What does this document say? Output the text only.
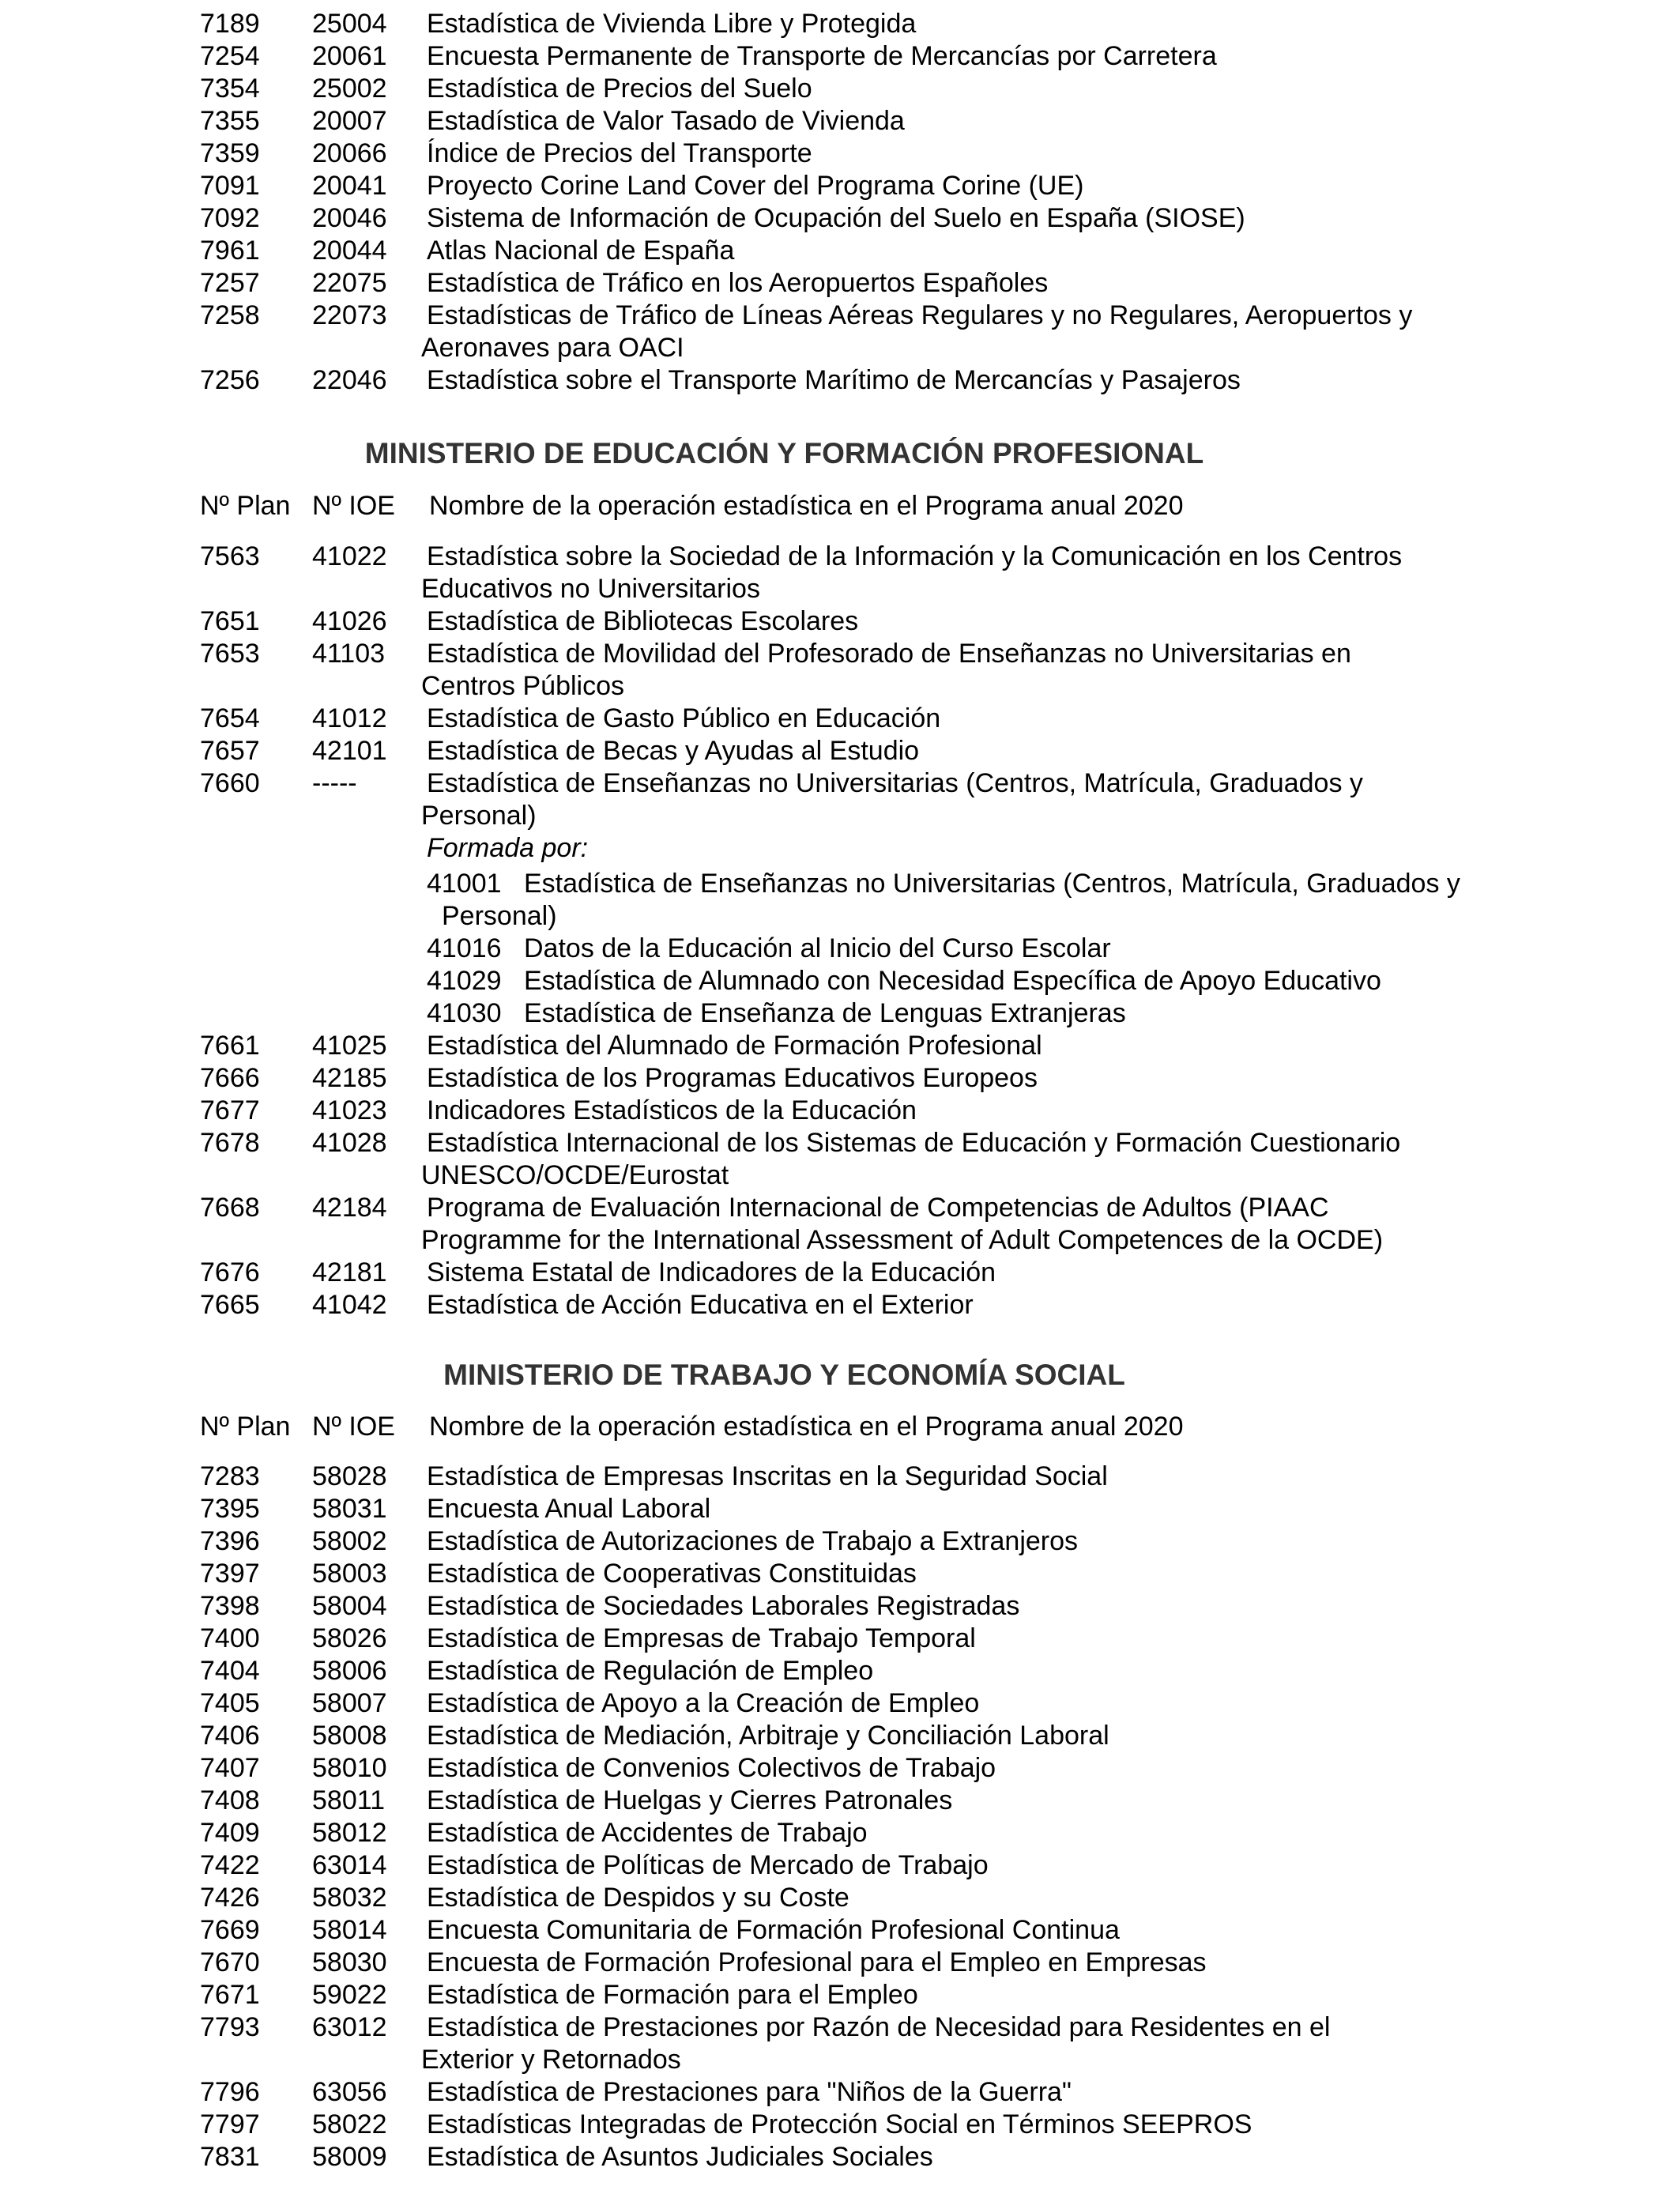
7189 25004 Estadística de Vivienda Libre y Protegida
7254 20061 Encuesta Permanente de Transporte de Mercancías por Carretera
7354 25002 Estadística de Precios del Suelo
7355 20007 Estadística de Valor Tasado de Vivienda
7359 20066 Índice de Precios del Transporte
7091 20041 Proyecto Corine Land Cover del Programa Corine (UE)
7092 20046 Sistema de Información de Ocupación del Suelo en España (SIOSE)
7961 20044 Atlas Nacional de España
7257 22075 Estadística de Tráfico en los Aeropuertos Españoles
7258 22073 Estadísticas de Tráfico de Líneas Aéreas Regulares y no Regulares, Aeropuertos y
Aeronaves para OACI
7256 22046 Estadística sobre el Transporte Marítimo de Mercancías y Pasajeros
MINISTERIO DE EDUCACIÓN Y FORMACIÓN PROFESIONAL
Nº Plan Nº IOE Nombre de la operación estadística en el Programa anual 2020
7563 41022 Estadística sobre la Sociedad de la Información y la Comunicación en los Centros
Educativos no Universitarios
7651 41026 Estadística de Bibliotecas Escolares
7653 41103 Estadística de Movilidad del Profesorado de Enseñanzas no Universitarias en
Centros Públicos
7654 41012 Estadística de Gasto Público en Educación
7657 42101 Estadística de Becas y Ayudas al Estudio
7660 -----	Estadística de Enseñanzas no Universitarias (Centros, Matrícula, Graduados y
Personal)
Formada por:
41001 Estadística de Enseñanzas no Universitarias (Centros, Matrícula, Graduados y
Personal)
41016 Datos de la Educación al Inicio del Curso Escolar
41029 Estadística de Alumnado con Necesidad Específica de Apoyo Educativo
41030 Estadística de Enseñanza de Lenguas Extranjeras
7661 41025 Estadística del Alumnado de Formación Profesional
7666 42185 Estadística de los Programas Educativos Europeos
7677 41023 Indicadores Estadísticos de la Educación
7678 41028 Estadística Internacional de los Sistemas de Educación y Formación Cuestionario
UNESCO/OCDE/Eurostat
7668 42184 Programa de Evaluación Internacional de Competencias de Adultos (PIAAC
Programme for the International Assessment of Adult Competences de la OCDE)
7676 42181 Sistema Estatal de Indicadores de la Educación
7665 41042 Estadística de Acción Educativa en el Exterior
MINISTERIO DE TRABAJO Y ECONOMÍA SOCIAL
Nº Plan Nº IOE Nombre de la operación estadística en el Programa anual 2020
7283 58028 Estadística de Empresas Inscritas en la Seguridad Social
7395 58031 Encuesta Anual Laboral
7396 58002 Estadística de Autorizaciones de Trabajo a Extranjeros
7397 58003 Estadística de Cooperativas Constituidas
7398 58004 Estadística de Sociedades Laborales Registradas
7400 58026 Estadística de Empresas de Trabajo Temporal
7404 58006 Estadística de Regulación de Empleo
7405 58007 Estadística de Apoyo a la Creación de Empleo
7406 58008 Estadística de Mediación, Arbitraje y Conciliación Laboral
7407 58010 Estadística de Convenios Colectivos de Trabajo
7408 58011 Estadística de Huelgas y Cierres Patronales
7409 58012 Estadística de Accidentes de Trabajo
7422 63014 Estadística de Políticas de Mercado de Trabajo
7426 58032 Estadística de Despidos y su Coste
7669 58014 Encuesta Comunitaria de Formación Profesional Continua
7670 58030 Encuesta de Formación Profesional para el Empleo en Empresas
7671 59022 Estadística de Formación para el Empleo
7793 63012 Estadística de Prestaciones por Razón de Necesidad para Residentes en el
Exterior y Retornados
7796 63056 Estadística de Prestaciones para "Niños de la Guerra"
7797 58022 Estadísticas Integradas de Protección Social en Términos SEEPROS
7831 58009 Estadística de Asuntos Judiciales Sociales
